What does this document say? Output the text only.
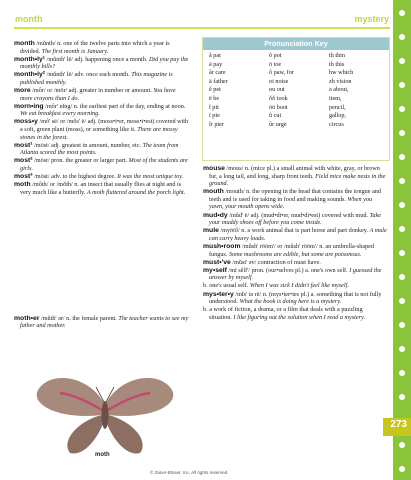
month	mystery
273

month /mŭnth/ n. one of the twelve parts into which a year is divided. The first month is January.

month•ly¹ /mŭnth' lē/ adj. happening once a month. Did you pay the monthly bills?

month•ly² /mŭnth' lē/ adv. once each month. This magazine is published monthly.

more /môr/ or /mōr/ adj. greater in number or amount. You have more crayons than I do.

morn•ing /môr' nĭng/ n. the earliest part of the day, ending at noon. We eat breakfast every morning.

moss•y /mô' sē/ or /mŏs' ē/ adj. (moss•i•er, moss•i•est) covered with a soft, green plant (moss), or something like it. There are mossy stones in the forest.

most¹ /mōst/ adj. greatest in amount, number, etc. The team from Atlanta scored the most points.

most² /mōst/ pron. the greater or larger part. Most of the students are girls.

most³ /mōst/ adv. to the highest degree. It was the most unique toy.

moth /môth/ or /mŏth/ n. an insect that usually flies at night and is very much like a butterfly. A moth fluttered around the porch light.

moth•er /mŭth' ər/ n. the female parent. The teacher wants to see my father and mother.

Pronunciation Key
ă pat	ŏ pot	th thin
ā pay	ō toe	th this
âr care	ô paw, for	hw which
ä father	oi noise	zh vision
ĕ pet	ou out	ə about,
ē be	ŏŏ took	item,
ĭ pit	ōō boot	pencil,
ī pie	ŭ cut	gallop,
îr pier	ûr urge	circus

mouse /mous/ n. (mice pl.) a small animal with white, gray, or brown fur, a long tail, and long, sharp front teeth. Field mice make nests in the ground.

mouth /mouth/ n. the opening in the head that contains the tongue and teeth and is used for taking in food and making sounds. When you yawn, your mouth opens wide.

mud•dy /mŭd' ē/ adj. (mud•di•er, mud•di•est) covered with mud. Take your muddy shoes off before you come inside.

mule /myōōl/ n. a work animal that is part horse and part donkey. A mule can carry heavy loads.

mush•room /mŭsh' rōōm'/ or /mŭsh' rōōm'/ n. an umbrella-shaped fungus. Some mushrooms are edible, but some are poisonous.

must•'ve /mŭst' əv/ contraction of must have.

my•self /mī sĕlf'/ pron. (our•selves pl.) a. one's own self. I guessed the answer by myself.

b. one's usual self. When I was sick I didn't feel like myself.

mys•ter•y /mĭs' tə rē/ n. (mys•ter•ies pl.) a. something that is not fully understood. What the book is doing here is a mystery.

b. a work of fiction, a drama, or a film that deals with a puzzling situation. I like figuring out the solution when I read a mystery.

moth
© Zaner-Bloser, Inc. All rights reserved.
